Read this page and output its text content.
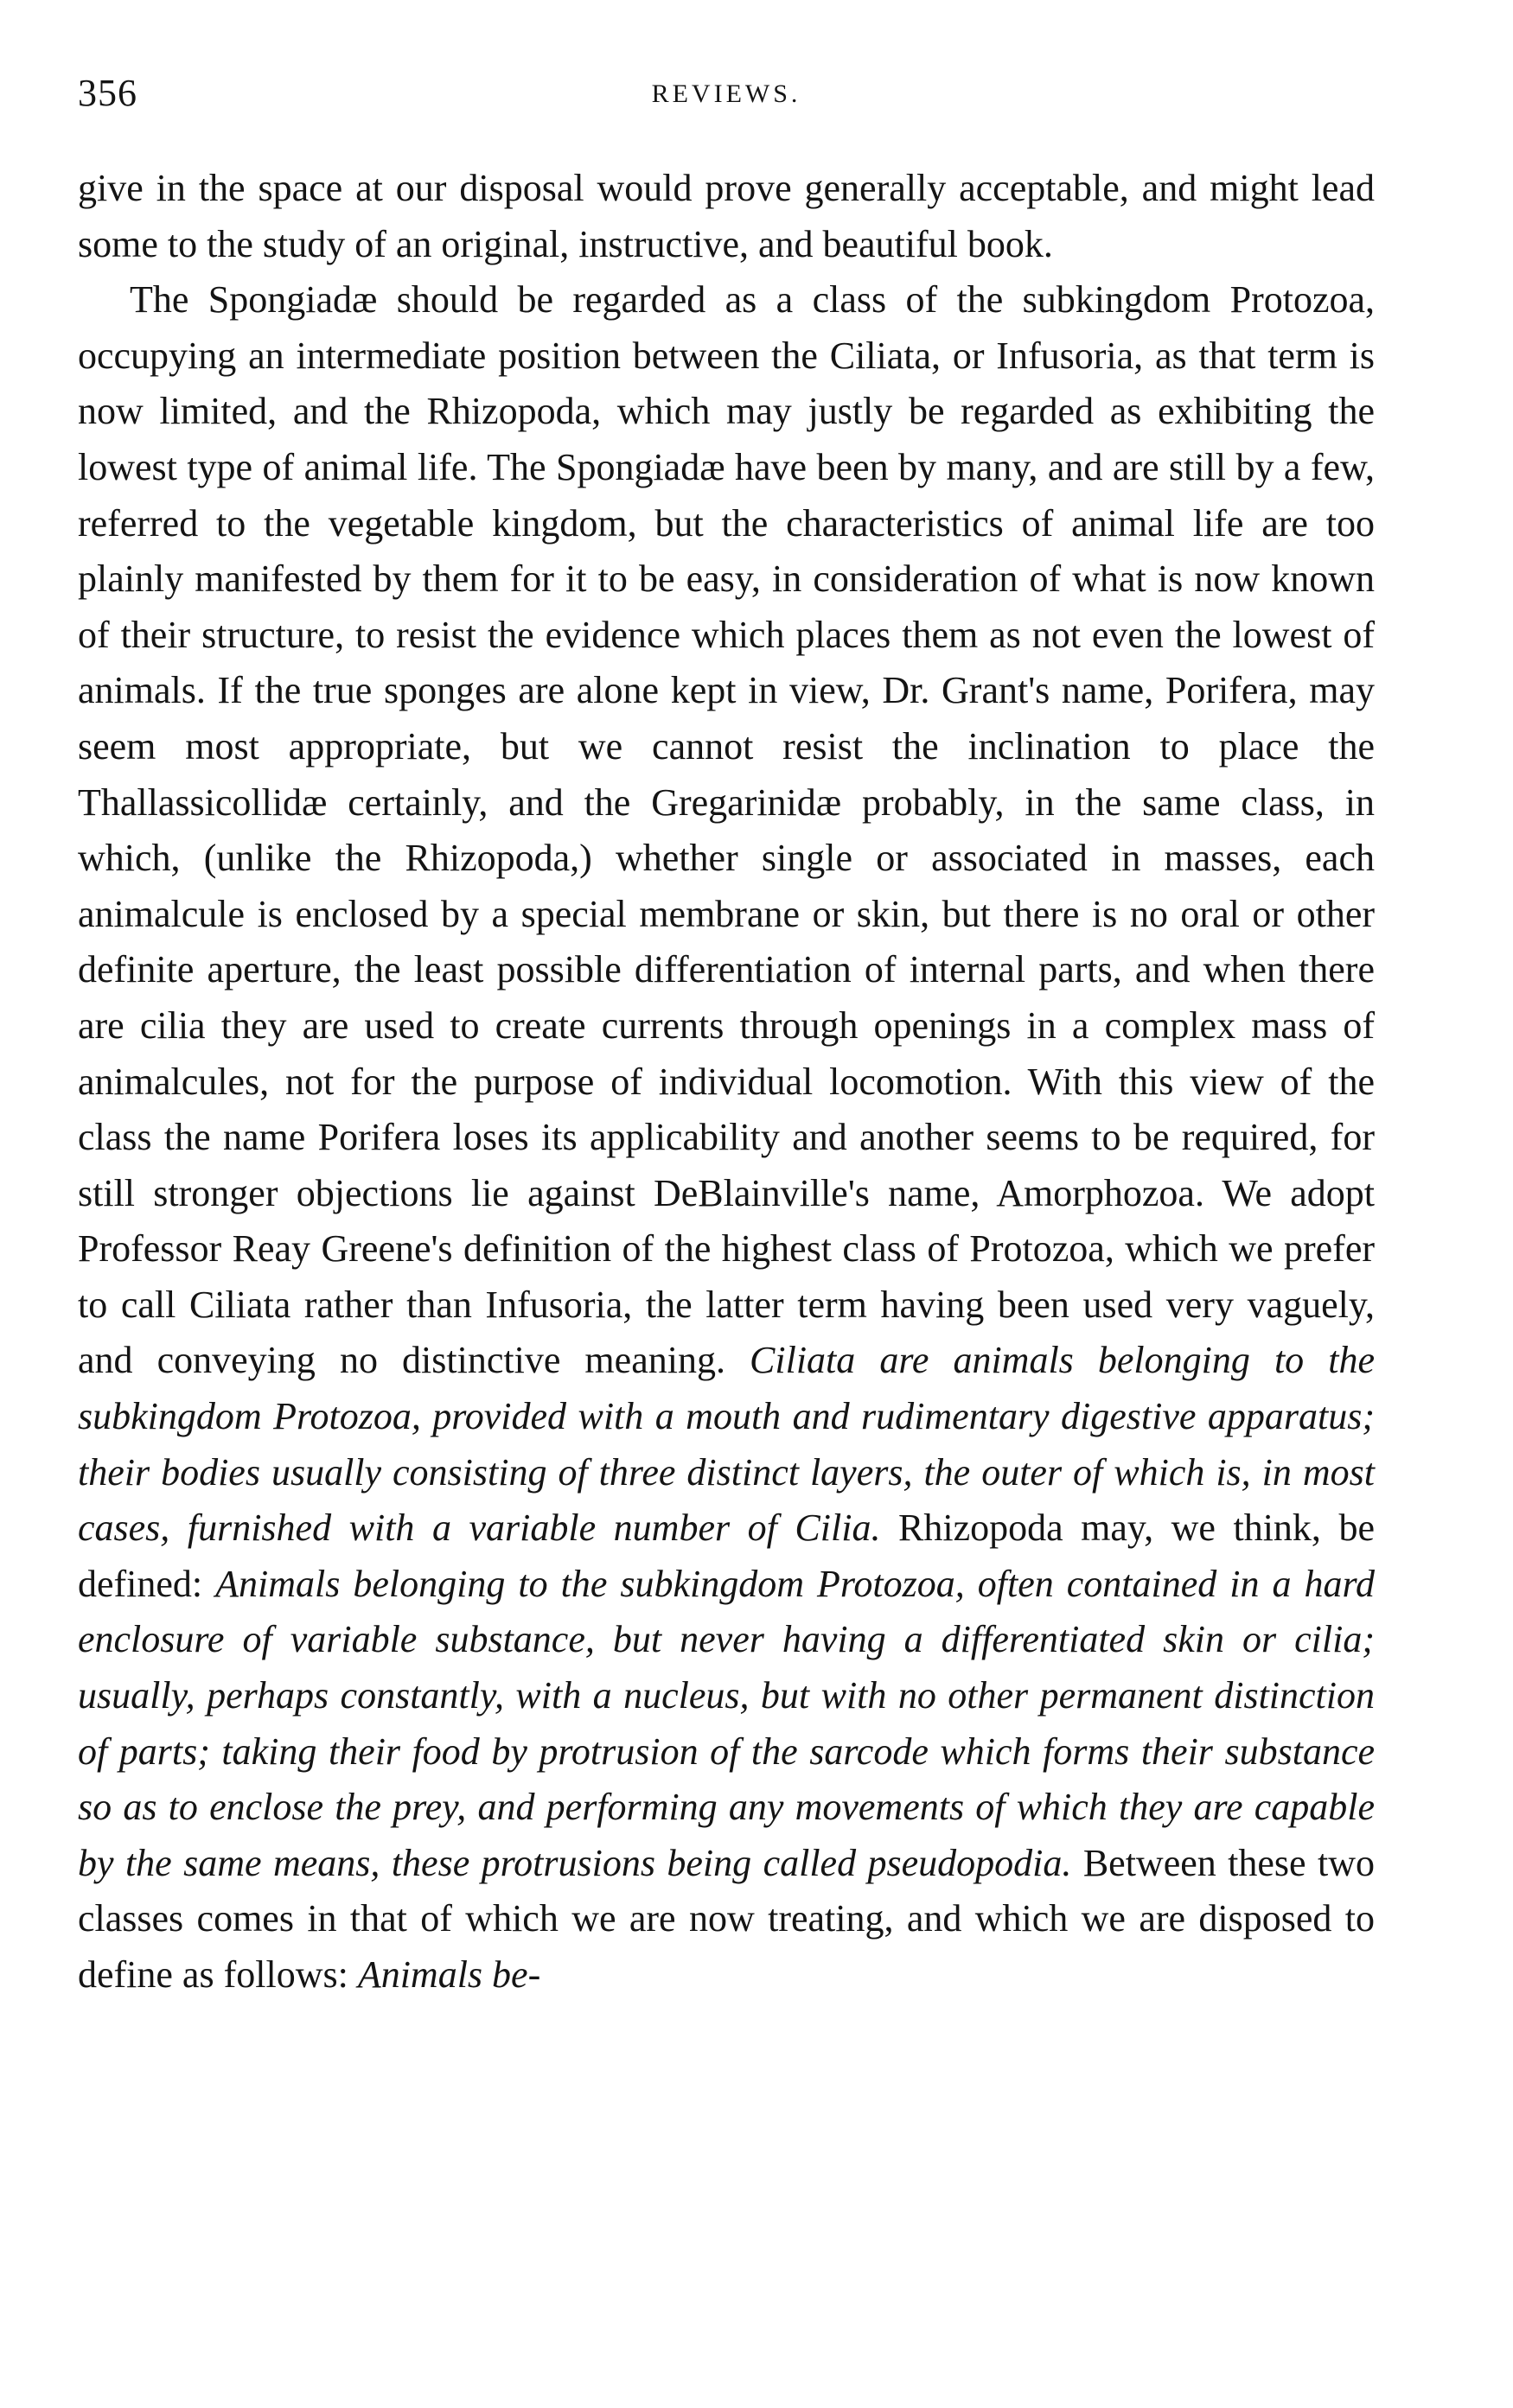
356	REVIEWS.

give in the space at our disposal would prove generally acceptable, and might lead some to the study of an original, instructive, and beautiful book.

The Spongiadæ should be regarded as a class of the subkingdom Protozoa, occupying an intermediate position between the Ciliata, or Infusoria, as that term is now limited, and the Rhizopoda, which may justly be regarded as exhibiting the lowest type of animal life. The Spongiadæ have been by many, and are still by a few, referred to the vegetable kingdom, but the characteristics of animal life are too plainly manifested by them for it to be easy, in consideration of what is now known of their structure, to resist the evidence which places them as not even the lowest of animals. If the true sponges are alone kept in view, Dr. Grant's name, Porifera, may seem most appropriate, but we cannot resist the inclination to place the Thallassicollidæ certainly, and the Gregarinidæ probably, in the same class, in which, (unlike the Rhizopoda,) whether single or associated in masses, each animalcule is enclosed by a special membrane or skin, but there is no oral or other definite aperture, the least possible differentiation of internal parts, and when there are cilia they are used to create currents through openings in a complex mass of animalcules, not for the purpose of individual locomotion. With this view of the class the name Porifera loses its applicability and another seems to be required, for still stronger objections lie against DeBlainville's name, Amorphozoa. We adopt Professor Reay Greene's definition of the highest class of Protozoa, which we prefer to call Ciliata rather than Infusoria, the latter term having been used very vaguely, and conveying no distinctive meaning. Ciliata are animals belonging to the subkingdom Protozoa, provided with a mouth and rudimentary digestive apparatus; their bodies usually consisting of three distinct layers, the outer of which is, in most cases, furnished with a variable number of Cilia. Rhizopoda may, we think, be defined: Animals belonging to the subkingdom Protozoa, often contained in a hard enclosure of variable substance, but never having a differentiated skin or cilia; usually, perhaps constantly, with a nucleus, but with no other permanent distinction of parts; taking their food by protrusion of the sarcode which forms their substance so as to enclose the prey, and performing any movements of which they are capable by the same means, these protrusions being called pseudopodia. Between these two classes comes in that of which we are now treating, and which we are disposed to define as follows: Animals be-
